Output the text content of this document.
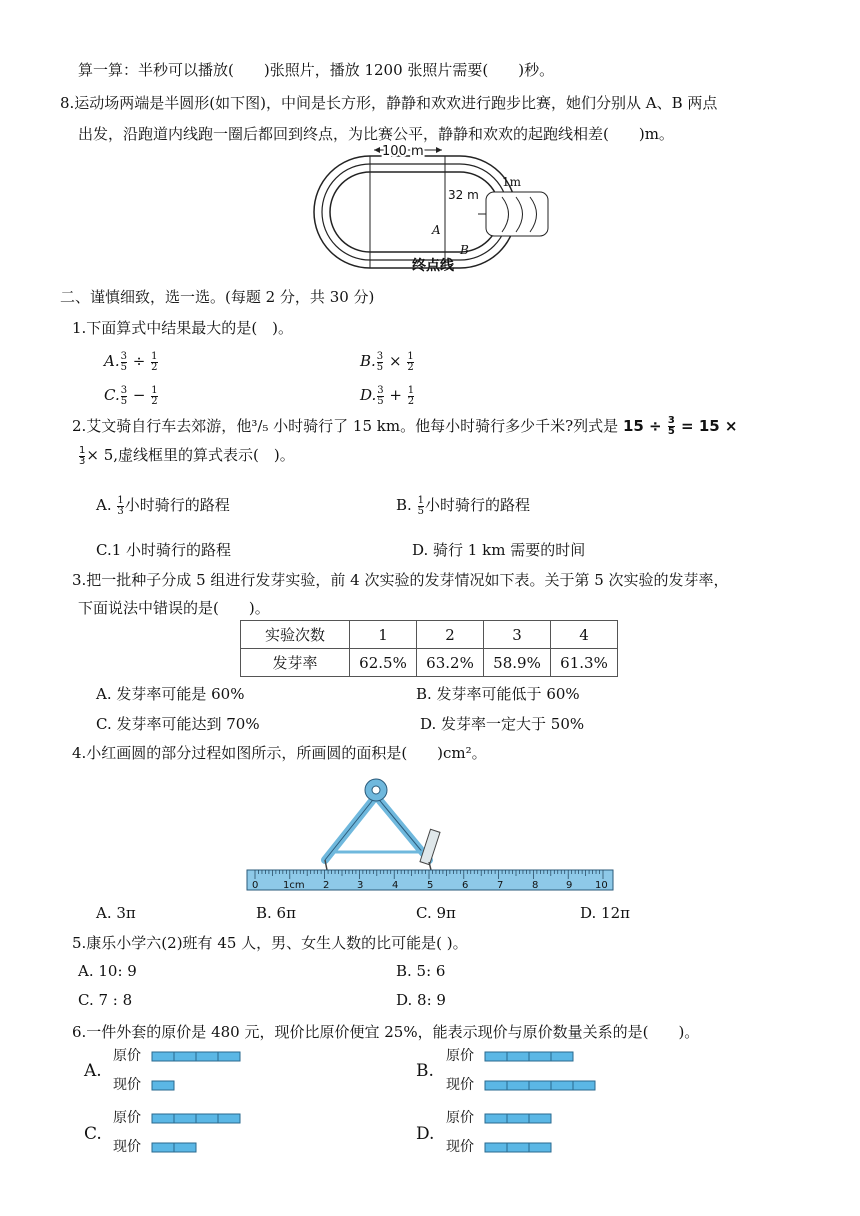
算一算：半秒可以播放(　　)张照片，播放 1200 张照片需要(　　)秒。
8.运动场两端是半圆形(如下图)，中间是长方形，静静和欢欢进行跑步比赛，她们分别从 A、B 两点
出发，沿跑道内线跑一圈后都回到终点，为比赛公平，静静和欢欢的起跑线相差(　　)m。
100 m
32 m
A
B
1m
终点线
二、谨慎细致，选一选。(每题 2 分，共 30 分)
1.下面算式中结果最大的是(　)。
A. $\frac{3}{5} \div \frac{1}{2}$	B. $\frac{3}{5} \times \frac{1}{2}$
C. $\frac{3}{5} - \frac{1}{2}$	D. $\frac{3}{5} + \frac{1}{2}$
2.艾文骑自行车去郊游，他³/₅ 小时骑行了 15 km。他每小时骑行多少千米?列式是 $15 \div \frac{3}{5} = 15$ ×
$\frac{1}{3} \times 5$,虚线框里的算式表示(　)。
A. $\frac{1}{3}$ 小时骑行的路程	B. $\frac{1}{5}$ 小时骑行的路程
C.1 小时骑行的路程	D. 骑行 1 km 需要的时间
3.把一批种子分成 5 组进行发芽实验，前 4 次实验的发芽情况如下表。关于第 5 次实验的发芽率，
下面说法中错误的是(　　)。
实验次数	1	2	3	4
发芽率	62.5%	63.2%	58.9%	61.3%
A. 发芽率可能是 60%	B. 发芽率可能低于 60%
C. 发芽率可能达到 70%	D. 发芽率一定大于 50%
4.小红画圆的部分过程如图所示，所画圆的面积是(　　)cm²。
0 1cm 2	3	4	5	6	7	8	9 10
A. 3π	B. 6π	C. 9π	D. 12π
5.康乐小学六(2)班有 45 人，男、女生人数的比可能是( )。
A. 10: 9	B. 5: 6
C. 7 : 8	D. 8: 9
6.一件外套的原价是 480 元，现价比原价便宜 25%，能表示现价与原价数量关系的是(　　)。
A.	B.
C.	D.
原价
现价
原价
现价
原价
现价
原价
现价
